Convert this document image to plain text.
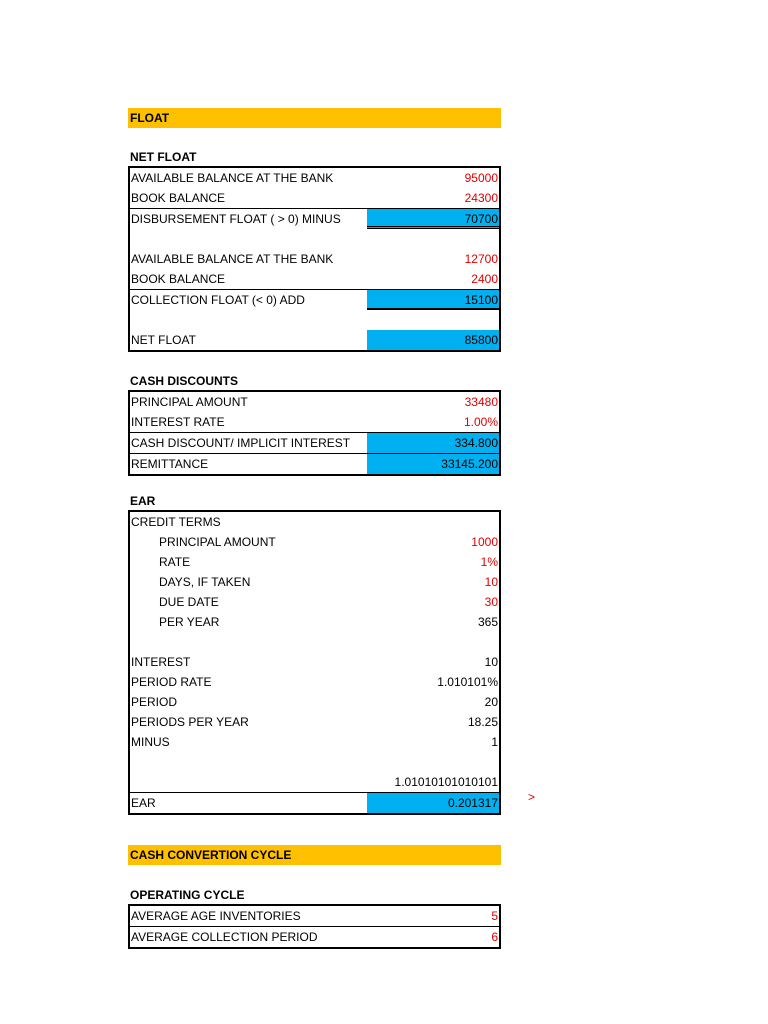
FLOAT
NET FLOAT
AVAILABLE BALANCE AT THE BANK	95000
BOOK BALANCE	24300
DISBURSEMENT FLOAT ( > 0) MINUS	70700
AVAILABLE BALANCE AT THE BANK	12700
BOOK BALANCE	2400
COLLECTION FLOAT (< 0) ADD	15100
NET FLOAT	85800
CASH DISCOUNTS
PRINCIPAL AMOUNT	33480
INTEREST RATE	1.00%
CASH DISCOUNT/ IMPLICIT INTEREST	334.800
REMITTANCE	33145.200
EAR
CREDIT TERMS
PRINCIPAL AMOUNT	1000
RATE	1%
DAYS, IF TAKEN	10
DUE DATE	30
PER YEAR	365
INTEREST	10
PERIOD RATE	1.010101%
PERIOD	20
PERIODS PER YEAR	18.25
MINUS	1
1.01010101010101
EAR	0.201317
CASH CONVERTION CYCLE
OPERATING CYCLE
AVERAGE AGE INVENTORIES	5
AVERAGE COLLECTION PERIOD	6
>
